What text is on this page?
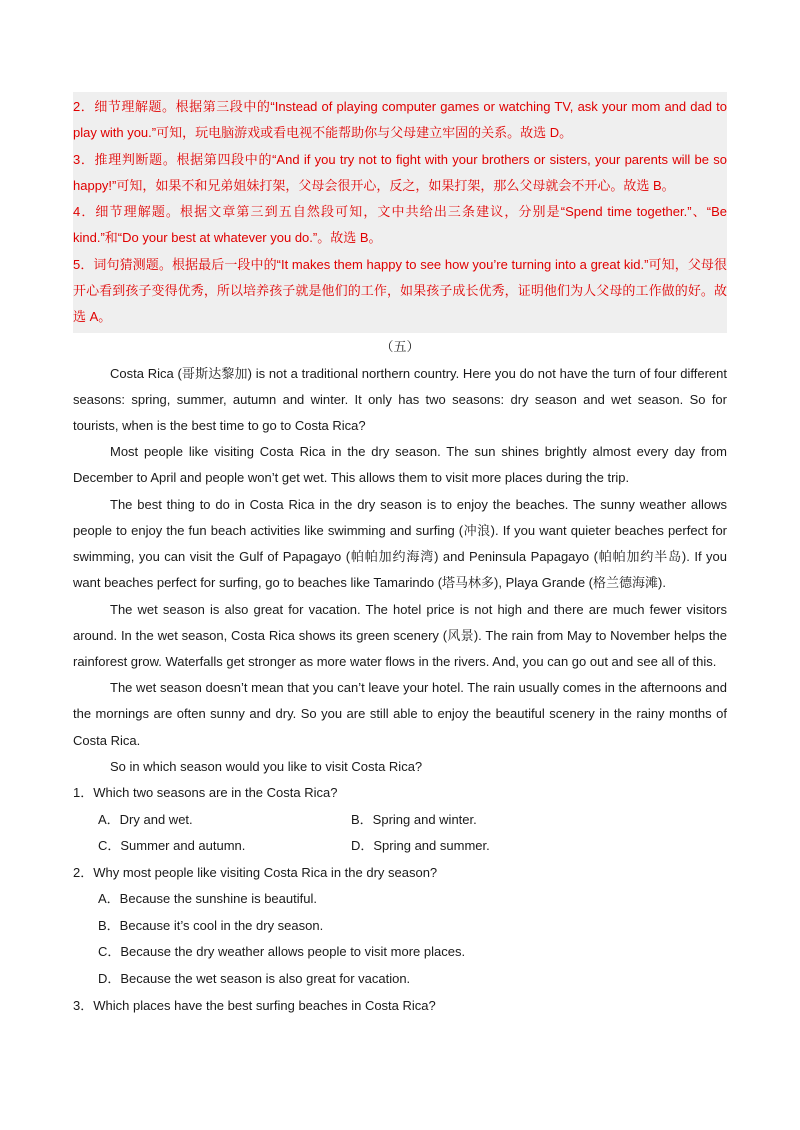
2．细节理解题。根据第三段中的“Instead of playing computer games or watching TV, ask your mom and dad to play with you.”可知，玩电脑游戏或看电视不能帮助你与父母建立牢固的关系。故选 D。

3．推理判断题。根据第四段中的“And if you try not to fight with your brothers or sisters, your parents will be so happy!”可知，如果不和兄弟姐妹打架，父母会很开心，反之，如果打架，那么父母就会不开心。故选 B。

4．细节理解题。根据文章第三到五自然段可知，文中共给出三条建议，分别是“Spend time together.”、“Be kind.”和“Do your best at whatever you do.”。故选 B。

5．词句猜测题。根据最后一段中的“It makes them happy to see how you’re turning into a great kid.”可知，父母很开心看到孩子变得优秀，所以培养孩子就是他们的工作，如果孩子成长优秀，证明他们为人父母的工作做的好。故选 A。

（五）

Costa Rica (哥斯达黎加) is not a traditional northern country. Here you do not have the turn of four different seasons: spring, summer, autumn and winter. It only has two seasons: dry season and wet season. So for tourists, when is the best time to go to Costa Rica?

Most people like visiting Costa Rica in the dry season. The sun shines brightly almost every day from December to April and people won’t get wet. This allows them to visit more places during the trip.

The best thing to do in Costa Rica in the dry season is to enjoy the beaches. The sunny weather allows people to enjoy the fun beach activities like swimming and surfing (冲浪). If you want quieter beaches perfect for swimming, you can visit the Gulf of Papagayo (帕帕加约海湾) and Peninsula Papagayo (帕帕加约半岛). If you want beaches perfect for surfing, go to beaches like Tamarindo (塔马林多), Playa Grande (格兰德海滩).

The wet season is also great for vacation. The hotel price is not high and there are much fewer visitors around. In the wet season, Costa Rica shows its green scenery (风景). The rain from May to November helps the rainforest grow. Waterfalls get stronger as more water flows in the rivers. And, you can go out and see all of this.

The wet season doesn’t mean that you can’t leave your hotel. The rain usually comes in the afternoons and the mornings are often sunny and dry. So you are still able to enjoy the beautiful scenery in the rainy months of Costa Rica.

So in which season would you like to visit Costa Rica?

1．Which two seasons are in the Costa Rica?

A．Dry and wet.	B．Spring and winter.
C．Summer and autumn.	D．Spring and summer.

2．Why most people like visiting Costa Rica in the dry season?

A．Because the sunshine is beautiful.
B．Because it’s cool in the dry season.
C．Because the dry weather allows people to visit more places.
D．Because the wet season is also great for vacation.

3．Which places have the best surfing beaches in Costa Rica?
